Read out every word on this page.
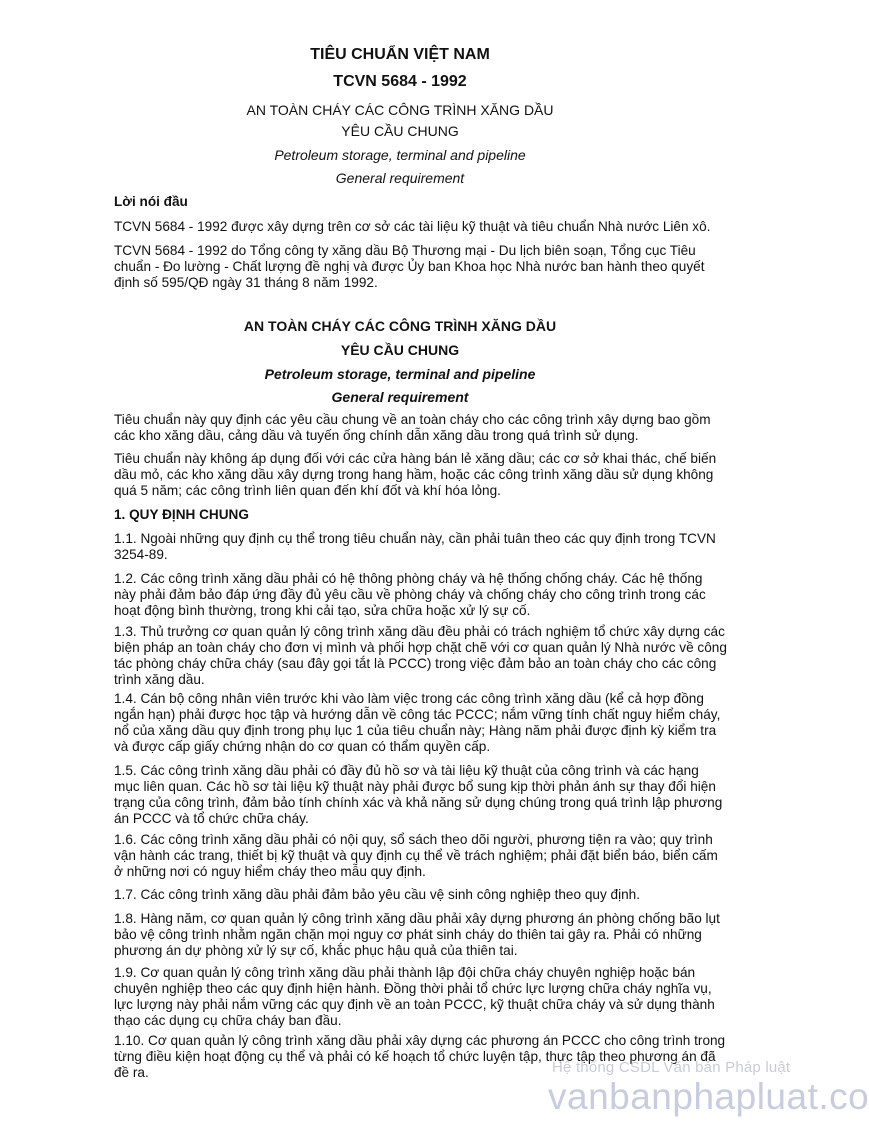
TIÊU CHUẨN VIỆT NAM

TCVN 5684 - 1992

AN TOÀN CHÁY CÁC CÔNG TRÌNH XĂNG DẦU

YÊU CẦU CHUNG

Petroleum storage, terminal and pipeline

General requirement

Lời nói đầu

TCVN 5684 - 1992 được xây dựng trên cơ sở các tài liệu kỹ thuật và tiêu chuẩn Nhà nước Liên xô.

TCVN 5684 - 1992 do Tổng công ty xăng dầu Bộ Thương mại - Du lịch biên soạn, Tổng cục Tiêu chuẩn - Đo lường - Chất lượng đề nghị và được Ủy ban Khoa học Nhà nước ban hành theo quyết định số 595/QĐ ngày 31 tháng 8 năm 1992.

AN TOÀN CHÁY CÁC CÔNG TRÌNH XĂNG DẦU

YÊU CẦU CHUNG

Petroleum storage, terminal and pipeline

General requirement

Tiêu chuẩn này quy định các yêu cầu chung về an toàn cháy cho các công trình xây dựng bao gồm các kho xăng dầu, cảng dầu và tuyến ống chính dẫn xăng dầu trong quá trình sử dụng.

Tiêu chuẩn này không áp dụng đối với các cửa hàng bán lẻ xăng dầu; các cơ sở khai thác, chế biến dầu mỏ, các kho xăng dầu xây dựng trong hang hầm, hoặc các công trình xăng dầu sử dụng không quá 5 năm; các công trình liên quan đến khí đốt và khí hóa lỏng.

1. QUY ĐỊNH CHUNG

1.1. Ngoài những quy định cụ thể trong tiêu chuẩn này, cần phải tuân theo các quy định trong TCVN 3254-89.

1.2. Các công trình xăng dầu phải có hệ thông phòng cháy và hệ thống chống cháy. Các hệ thống này phải đảm bảo đáp ứng đầy đủ yêu cầu về phòng cháy và chống cháy cho công trình trong các hoạt động bình thường, trong khi cải tạo, sửa chữa hoặc xử lý sự cố.

1.3. Thủ trưởng cơ quan quản lý công trình xăng dầu đều phải có trách nghiệm tổ chức xây dựng các biện pháp an toàn cháy cho đơn vị mình và phối hợp chặt chẽ với cơ quan quản lý Nhà nước về công tác phòng cháy chữa cháy (sau đây gọi tắt là PCCC) trong việc đảm bảo an toàn cháy cho các công trình xăng dầu.

1.4. Cán bộ công nhân viên trước khi vào làm việc trong các công trình xăng dầu (kể cả hợp đồng ngắn hạn) phải được học tập và hướng dẫn về công tác PCCC; nắm vững tính chất nguy hiểm cháy, nổ của xăng dầu quy định trong phụ lục 1 của tiêu chuẩn này; Hàng năm phải được định kỳ kiểm tra và được cấp giấy chứng nhận do cơ quan có thẩm quyền cấp.

1.5. Các công trình xăng dầu phải có đầy đủ hồ sơ và tài liệu kỹ thuật của công trình và các hạng mục liên quan. Các hồ sơ tài liệu kỹ thuật này phải được bổ sung kịp thời phản ánh sự thay đổi hiện trạng của công trình, đảm bảo tính chính xác và khả năng sử dụng chúng trong quá trình lập phương án PCCC và tổ chức chữa cháy.

1.6. Các công trình xăng dầu phải có nội quy, sổ sách theo dõi người, phương tiện ra vào; quy trình vận hành các trang, thiết bị kỹ thuật và quy định cụ thể về trách nghiệm; phải đặt biển báo, biển cấm ở những nơi có nguy hiểm cháy theo mẫu quy định.

1.7. Các công trình xăng dầu phải đảm bảo yêu cầu vệ sinh công nghiệp theo quy định.

1.8. Hàng năm, cơ quan quản lý công trình xăng dầu phải xây dựng phương án phòng chống bão lụt bảo vệ công trình nhằm ngăn chặn mọi nguy cơ phát sinh cháy do thiên tai gây ra. Phải có những phương án dự phòng xử lý sự cố, khắc phục hậu quả của thiên tai.

1.9. Cơ quan quản lý công trình xăng dầu phải thành lập đội chữa cháy chuyên nghiệp hoặc bán chuyên nghiệp theo các quy định hiện hành. Đồng thời phải tổ chức lực lượng chữa cháy nghĩa vụ, lực lượng này phải nắm vững các quy định về an toàn PCCC, kỹ thuật chữa cháy và sử dụng thành thạo các dụng cụ chữa cháy ban đầu.

1.10. Cơ quan quản lý công trình xăng dầu phải xây dựng các phương án PCCC cho công trình trong từng điều kiện hoạt động cụ thể và phải có kế hoạch tổ chức luyện tập, thực tập theo phương án đã đề ra.	Hệ thống CSDL Văn bản Pháp luật
vanbanphapluat.co
